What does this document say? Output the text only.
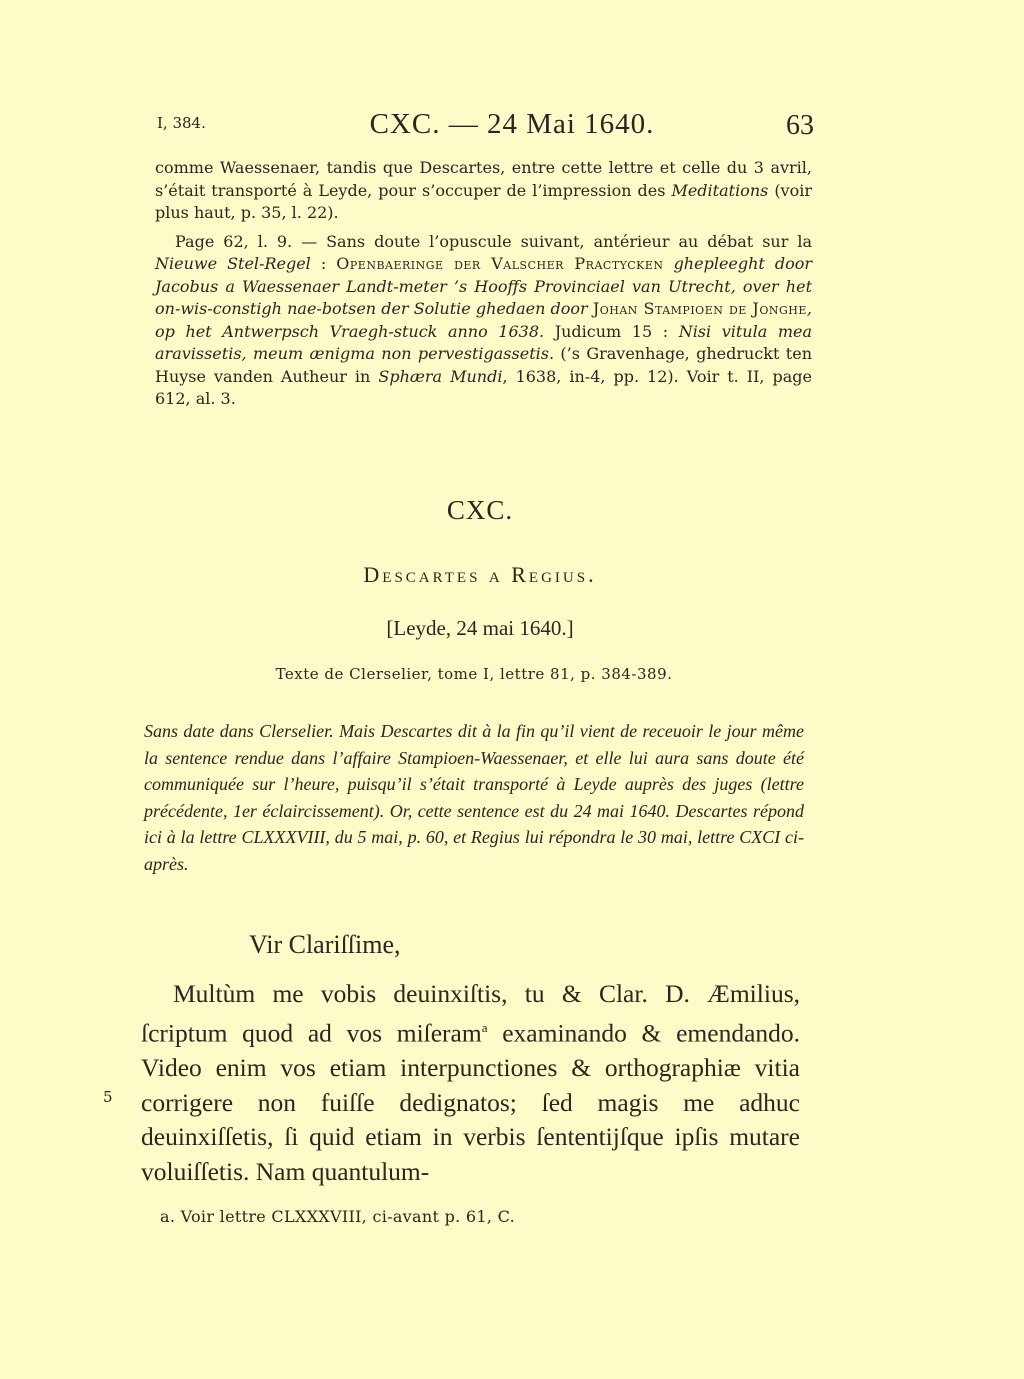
I, 384.	CXC. — 24 Mai 1640.	63

comme Waessenaer, tandis que Descartes, entre cette lettre et celle du 3 avril, s’était transporté à Leyde, pour s’occuper de l’impression des Meditations (voir plus haut, p. 35, l. 22).

Page 62, l. 9. — Sans doute l’opuscule suivant, antérieur au débat sur la Nieuwe Stel-Regel : Openbaeringe der Valscher Practycken ghepleeght door Jacobus a Waessenaer Landt-meter ’s Hooffs Provinciael van Utrecht, over het on-wis-constigh nae-botsen der Solutie ghedaen door Johan Stampioen de Jonghe, op het Antwerpsch Vraegh-stuck anno 1638. Judicum 15 : Nisi vitula mea aravissetis, meum ænigma non pervestigassetis. (’s Gravenhage, ghedruckt ten Huyse vanden Autheur in Sphæra Mundi, 1638, in-4, pp. 12). Voir t. II, page 612, al. 3.

CXC.
Descartes a Regius.
[Leyde, 24 mai 1640.]
Texte de Clerselier, tome I, lettre 81, p. 384-389.
Sans date dans Clerselier. Mais Descartes dit à la fin qu’il vient de receuoir le jour même la sentence rendue dans l’affaire Stampioen-Waessenaer, et elle lui aura sans doute été communiquée sur l’heure, puisqu’il s’était transporté à Leyde auprès des juges (lettre précédente, 1er éclaircissement). Or, cette sentence est du 24 mai 1640. Descartes répond ici à la lettre CLXXXVIII, du 5 mai, p. 60, et Regius lui répondra le 30 mai, lettre CXCI ci-après.
Vir Clariſſime,

Multùm me vobis deuinxiſtis, tu & Clar. D. Æmilius, ſcriptum quod ad vos miſeram$^a$ examinando & emendando. Video enim vos etiam interpunctiones & orthographiæ vitia corrigere non fuiſſe dedignatos; ſed magis me adhuc deuinxiſſetis, ſi quid etiam in verbis ſententijſque ipſis mutare voluiſſetis. Nam quantulum-

5
a. Voir lettre CLXXXVIII, ci-avant p. 61, C.
